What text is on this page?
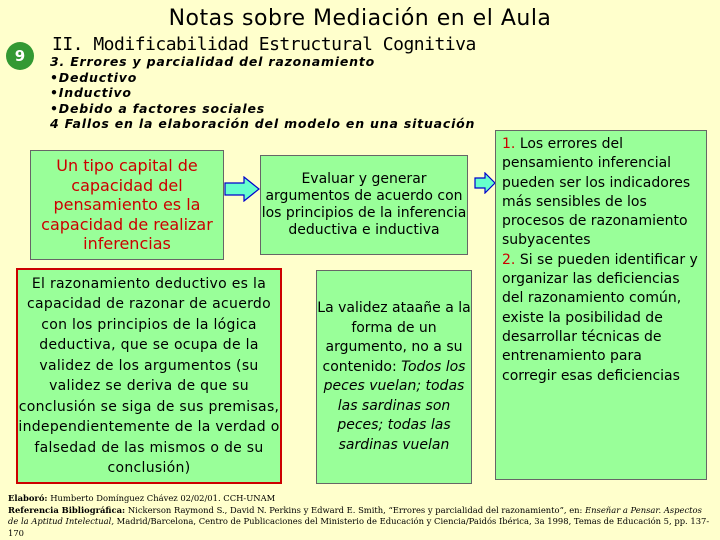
Notas sobre Mediación en el Aula
9
II. Modificabilidad Estructural Cognitiva
3. Errores y parcialidad del razonamiento
•Deductivo
•Inductivo
•Debido a factores sociales
4 Fallos en la elaboración del modelo en una situación
Un tipo capital de capacidad del pensamiento es la capacidad de realizar inferencias
Evaluar y generar argumentos de acuerdo con los principios de la inferencia deductiva e inductiva
El razonamiento deductivo es la capacidad de razonar de acuerdo con los principios de la lógica deductiva, que se ocupa de la validez de los argumentos (su validez se deriva de que su conclusión se siga de sus premisas, independientemente de la verdad o falsedad de las mismos o de su conclusión)
La validez ataañe a la forma de un argumento, no a su contenido: Todos los peces vuelan; todas las sardinas son peces; todas las sardinas vuelan
1. Los errores del pensamiento inferencial pueden ser los indicadores más sensibles de los procesos de razonamiento subyacentes
2. Si se pueden identificar y organizar las deficiencias del razonamiento común, existe la posibilidad de desarrollar técnicas de entrenamiento para corregir esas deficiencias
Elaboró: Humberto Domínguez Chávez 02/02/01. CCH-UNAM
Referencia Bibliográfica: Nickerson Raymond S., David N. Perkins y Edward E. Smith, “Errores y parcialidad del razonamiento”, en: Enseñar a Pensar. Aspectos de la Aptitud Intelectual, Madrid/Barcelona, Centro de Publicaciones del Ministerio de Educación y Ciencia/Paidós Ibérica, 3a 1998, Temas de Educación 5, pp. 137-170
